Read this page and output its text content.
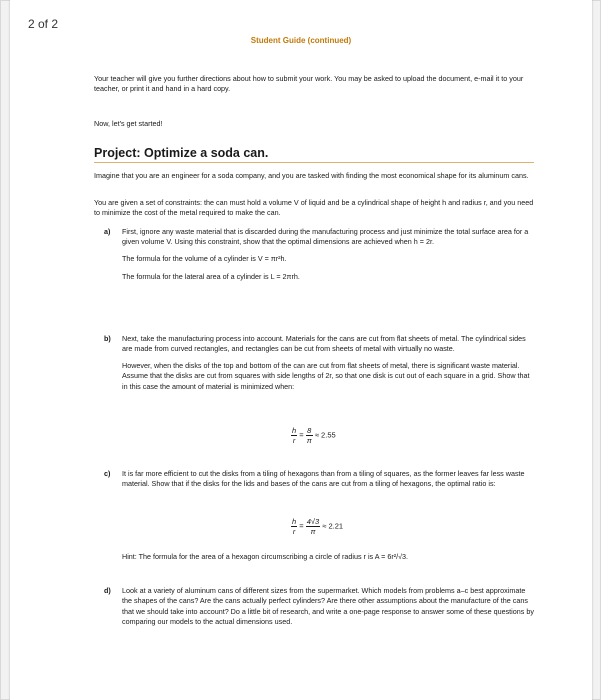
Student Guide (continued)
Your teacher will give you further directions about how to submit your work. You may be asked to upload the document, e-mail it to your teacher, or print it and hand in a hard copy.
Now, let's get started!
Project: Optimize a soda can.
Imagine that you are an engineer for a soda company, and you are tasked with finding the most economical shape for its aluminum cans.
You are given a set of constraints: the can must hold a volume V of liquid and be a cylindrical shape of height h and radius r, and you need to minimize the cost of the metal required to make the can.
a) First, ignore any waste material that is discarded during the manufacturing process and just minimize the total surface area for a given volume V. Using this constraint, show that the optimal dimensions are achieved when h = 2r.
The formula for the volume of a cylinder is V = πr²h.
The formula for the lateral area of a cylinder is L = 2πrh.
b) Next, take the manufacturing process into account. Materials for the cans are cut from flat sheets of metal. The cylindrical sides are made from curved rectangles, and rectangles can be cut from sheets of metal with virtually no waste.
However, when the disks of the top and bottom of the can are cut from flat sheets of metal, there is significant waste material. Assume that the disks are cut from squares with side lengths of 2r, so that one disk is cut out of each square in a grid. Show that in this case the amount of material is minimized when:
$\frac{h}{r} = \frac{8}{\pi} \approx 2.55$
c) It is far more efficient to cut the disks from a tiling of hexagons than from a tiling of squares, as the former leaves far less waste material. Show that if the disks for the lids and bases of the cans are cut from a tiling of hexagons, the optimal ratio is:
$\frac{h}{r} = \frac{4√3}{\pi} \approx 2.21$
Hint: The formula for the area of a hexagon circumscribing a circle of radius r is A = 6r²/√3.
d) Look at a variety of aluminum cans of different sizes from the supermarket. Which models from problems a–c best approximate the shapes of the cans? Are the cans actually perfect cylinders? Are there other assumptions about the manufacture of the cans that we should take into account? Do a little bit of research, and write a one-page response to answer some of these questions by comparing our models to the actual dimensions used.
2 of 2
